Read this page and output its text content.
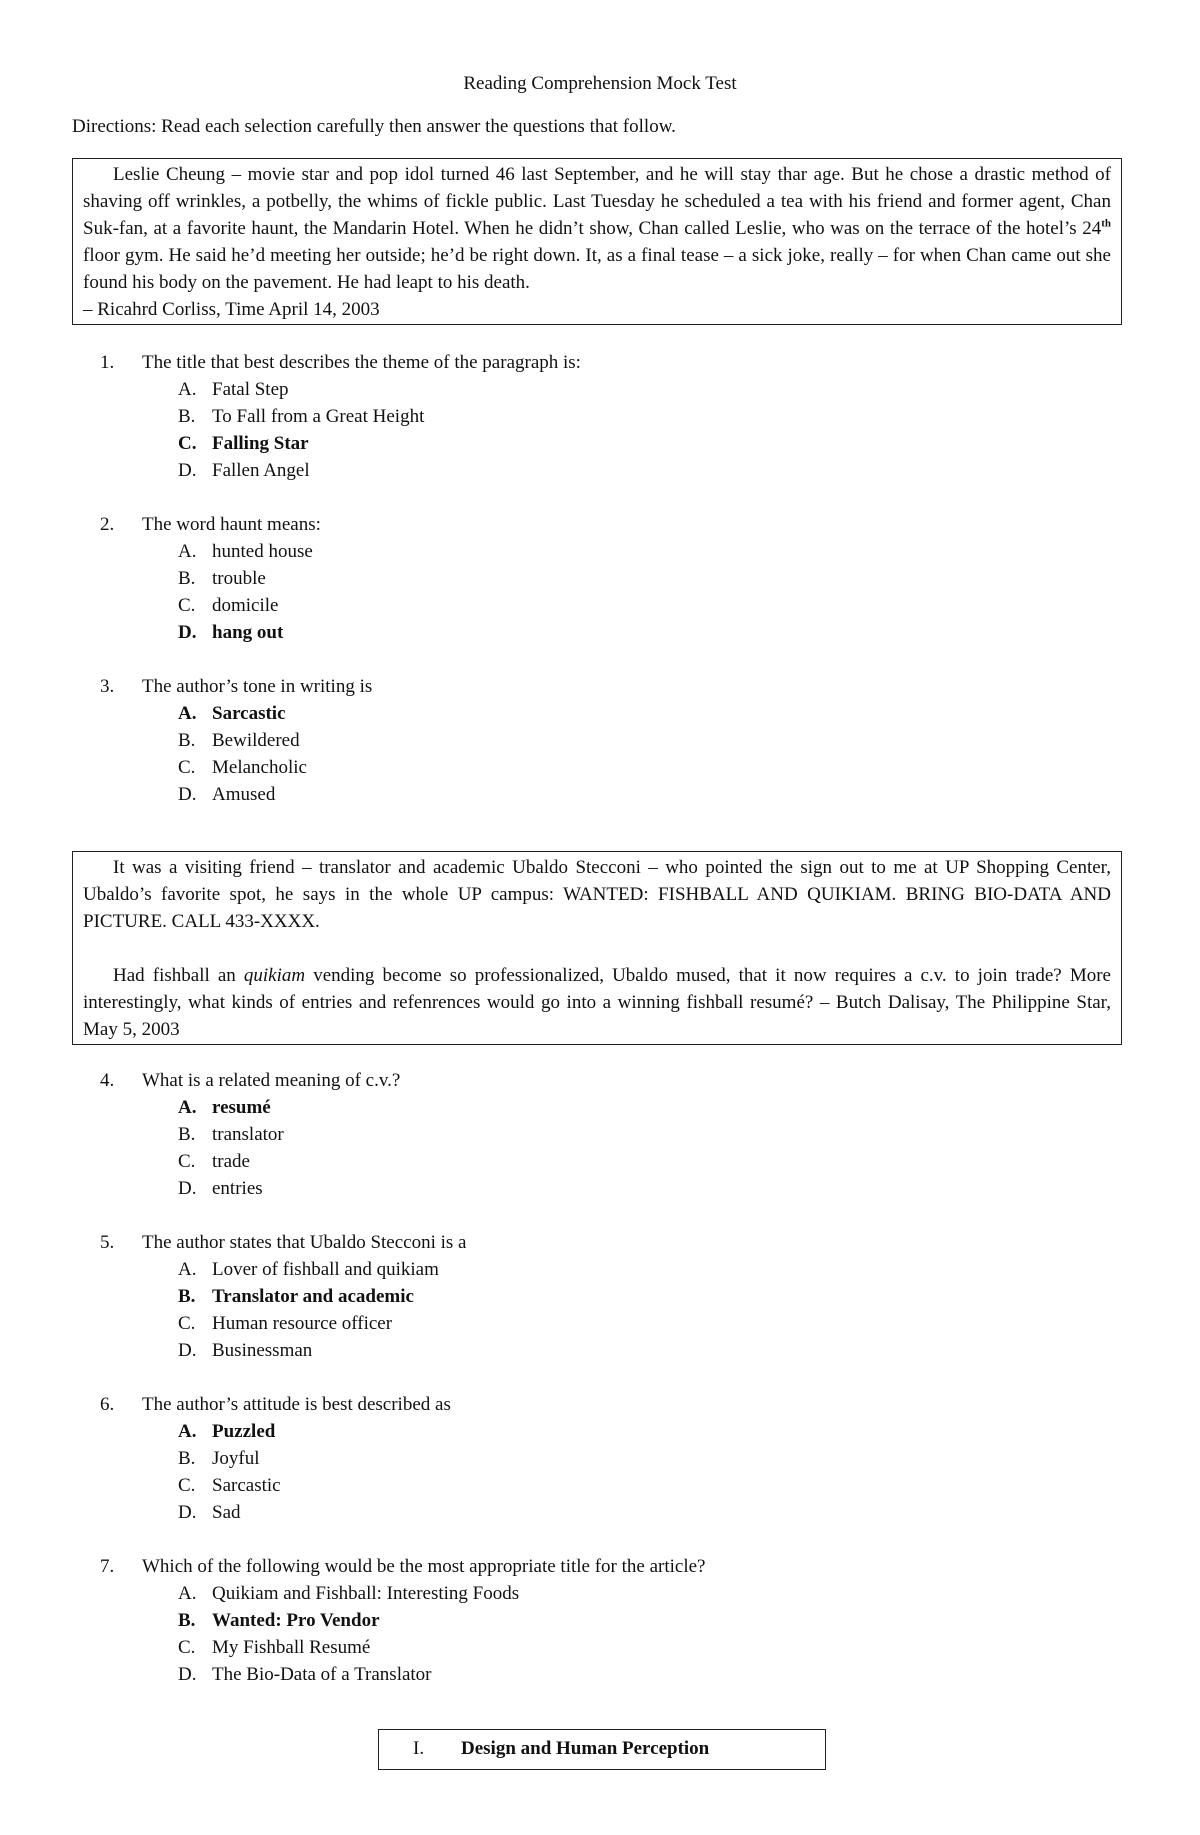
Reading Comprehension Mock Test
Directions: Read each selection carefully then answer the questions that follow.

Leslie Cheung – movie star and pop idol turned 46 last September, and he will stay thar age. But he chose a drastic method of shaving off wrinkles, a potbelly, the whims of fickle public. Last Tuesday he scheduled a tea with his friend and former agent, Chan Suk-fan, at a favorite haunt, the Mandarin Hotel. When he didn’t show, Chan called Leslie, who was on the terrace of the hotel’s 24th floor gym. He said he’d meeting her outside; he’d be right down. It, as a final tease – a sick joke, really – for when Chan came out she found his body on the pavement. He had leapt to his death.

– Ricahrd Corliss, Time April 14, 2003

1.	The title that best describes the theme of the paragraph is:
A. Fatal Step
B. To Fall from a Great Height
C. Falling Star
D. Fallen Angel
2.	The word haunt means:
A. hunted house
B. trouble
C. domicile
D. hang out
3.	The author’s tone in writing is
A. Sarcastic
B. Bewildered
C. Melancholic
D. Amused

It was a visiting friend – translator and academic Ubaldo Stecconi – who pointed the sign out to me at UP Shopping Center, Ubaldo’s favorite spot, he says in the whole UP campus: WANTED: FISHBALL AND QUIKIAM. BRING BIO-DATA AND PICTURE. CALL 433-XXXX.

Had fishball an quikiam vending become so professionalized, Ubaldo mused, that it now requires a c.v. to join trade? More interestingly, what kinds of entries and refenrences would go into a winning fishball resumé? – Butch Dalisay, The Philippine Star, May 5, 2003

4.	What is a related meaning of c.v.?
A. resumé
B. translator
C. trade
D. entries
5.	The author states that Ubaldo Stecconi is a
A. Lover of fishball and quikiam
B. Translator and academic
C. Human resource officer
D. Businessman
6.	The author’s attitude is best described as
A. Puzzled
B. Joyful
C. Sarcastic
D. Sad
7.	Which of the following would be the most appropriate title for the article?
A. Quikiam and Fishball: Interesting Foods
B. Wanted: Pro Vendor
C. My Fishball Resumé
D. The Bio-Data of a Translator
I. Design and Human Perception
